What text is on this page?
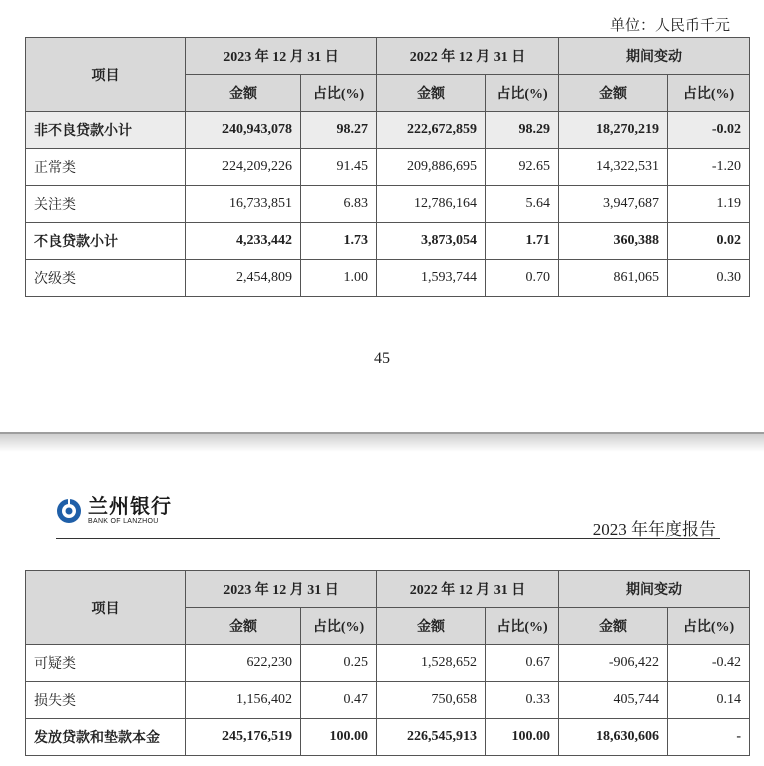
单位：人民币千元
项目	2023 年 12 月 31 日		2022 年 12 月 31 日		期间变动	
	金额	占比(%)	金额	占比(%)	金额	占比(%)
非不良贷款小计	240,943,078	98.27	222,672,859	98.29	18,270,219	-0.02
正常类	224,209,226	91.45	209,886,695	92.65	14,322,531	-1.20
关注类	16,733,851	6.83	12,786,164	5.64	3,947,687	1.19
不良贷款小计	4,233,442	1.73	3,873,054	1.71	360,388	0.02
次级类	2,454,809	1.00	1,593,744	0.70	861,065	0.30
45
兰州银行
BANK OF LANZHOU	2023 年年度报告
项目	2023 年 12 月 31 日		2022 年 12 月 31 日		期间变动	
	金额	占比(%)	金额	占比(%)	金额	占比(%)
可疑类	622,230	0.25	1,528,652	0.67	-906,422	-0.42
损失类	1,156,402	0.47	750,658	0.33	405,744	0.14
发放贷款和垫款本金	245,176,519	100.00	226,545,913	100.00	18,630,606	-
